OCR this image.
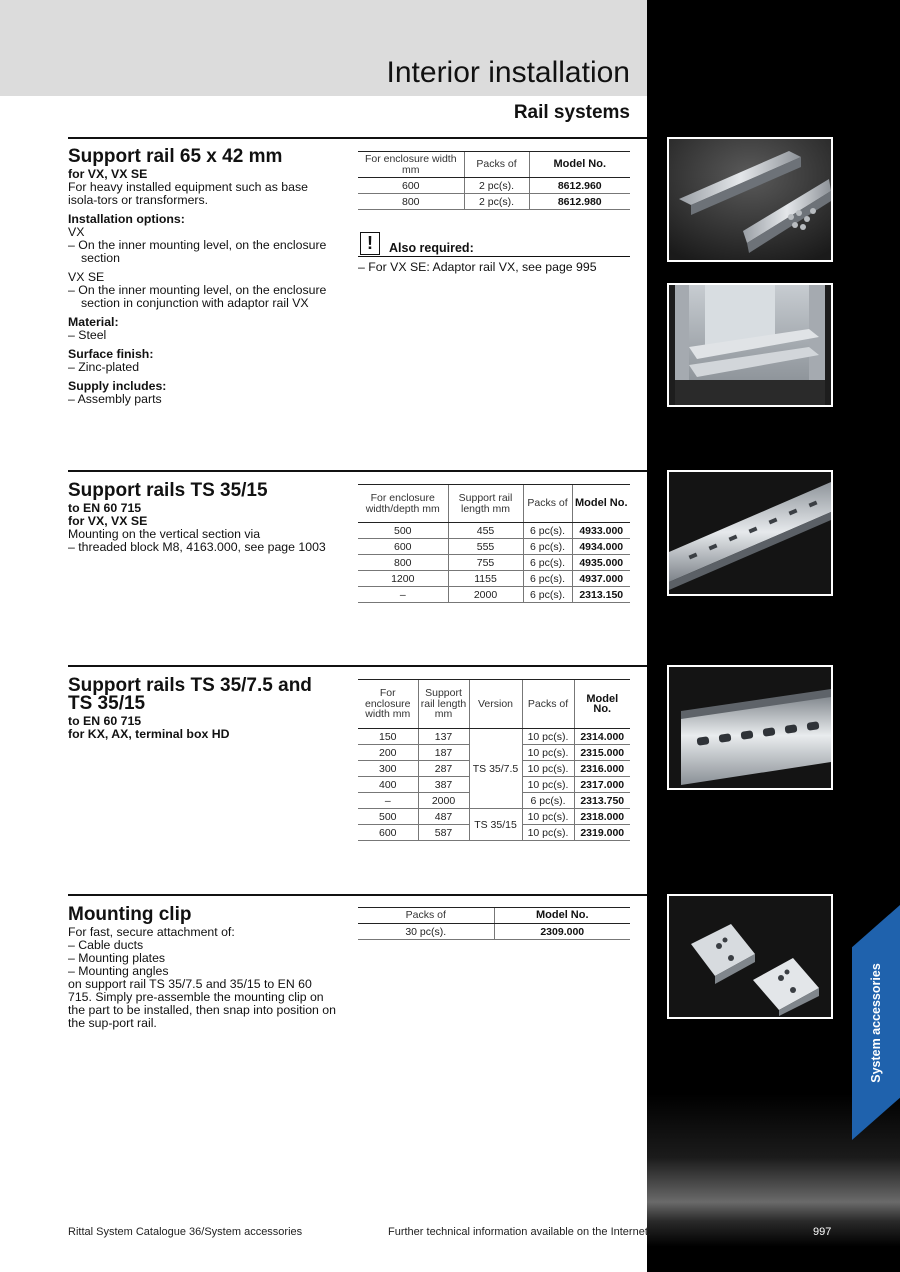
Interior installation
Rail systems
Support rail 65 x 42 mm
for VX, VX SE
For heavy installed equipment such as base isola-tors or transformers.
Installation options:
VX
– On the inner mounting level, on the enclosure section
VX SE
– On the inner mounting level, on the enclosure section in conjunction with adaptor rail VX
Material:
– Steel
Surface finish:
– Zinc-plated
Supply includes:
– Assembly parts
For enclosure width mm	Packs of	Model No.
600	2 pc(s).	8612.960
800	2 pc(s).	8612.980
!	Also required:
– For VX SE: Adaptor rail VX, see page 995
Support rails TS 35/15
to EN 60 715
for VX, VX SE
Mounting on the vertical section via
– threaded block M8, 4163.000, see page 1003
For enclosure width/depth mm	Support rail length mm	Packs of	Model No.
500	455	6 pc(s).	4933.000
600	555	6 pc(s).	4934.000
800	755	6 pc(s).	4935.000
1200	1155	6 pc(s).	4937.000
–	2000	6 pc(s).	2313.150
Support rails TS 35/7.5 and TS 35/15
to EN 60 715
for KX, AX, terminal box HD
For enclosure width mm	Support rail length mm	Version	Packs of	Model No.
150	137	TS 35/7.5	10 pc(s).	2314.000
200	187		10 pc(s).	2315.000
300	287		10 pc(s).	2316.000
400	387		10 pc(s).	2317.000
–	2000		6 pc(s).	2313.750
500	487	TS 35/15	10 pc(s).	2318.000
600	587		10 pc(s).	2319.000
Mounting clip
For fast, secure attachment of:
– Cable ducts
– Mounting plates
– Mounting angles
on support rail TS 35/7.5 and 35/15 to EN 60 715. Simply pre-assemble the mounting clip on the part to be installed, then snap into position on the sup-port rail.
Packs of	Model No.
30 pc(s).	2309.000
System accessories
Rittal System Catalogue 36/System accessories	Further technical information available on the Internet.	997
